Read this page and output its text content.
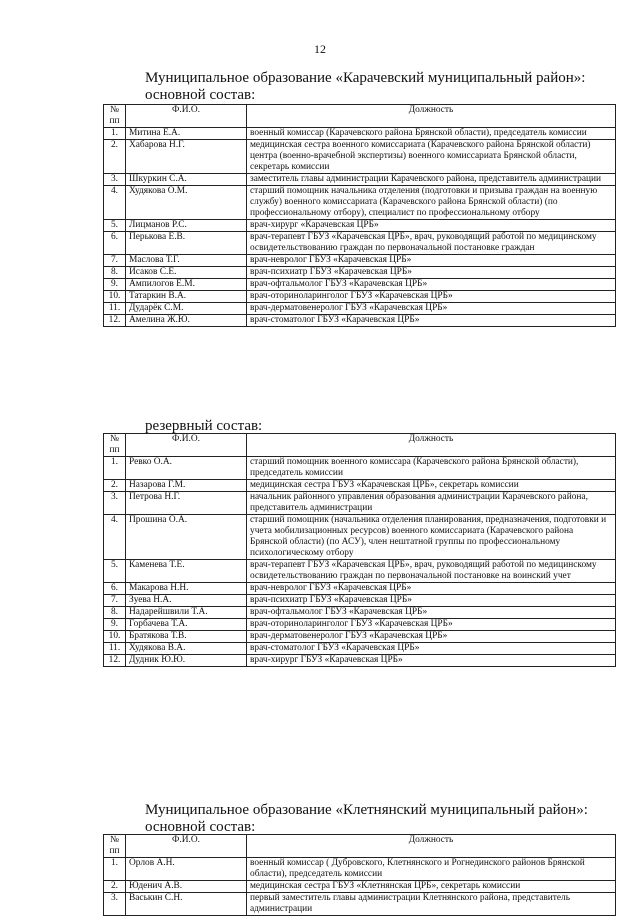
12
Муниципальное образование «Карачевский муниципальный район»:
основной состав:
№
пп	Ф.И.О.	Должность
1.	Митина Е.А.	военный комиссар (Карачевского района Брянской области), председатель комиссии
2.	Хабарова Н.Г.	медицинская сестра военного комиссариата (Карачевского района Брянской области) центра (военно-врачебной экспертизы) военного комиссариата Брянской области, секретарь комиссии
3.	Шкуркин С.А.	заместитель главы администрации Карачевского района, представитель администрации
4.	Худякова О.М.	старший помощник начальника отделения (подготовки и призыва граждан на военную службу) военного комиссариата (Карачевского района Брянской области) (по профессиональному отбору), специалист по профессиональному отбору
5.	Лицманов Р.С.	врач-хирург «Карачевская ЦРБ»
6.	Перькова Е.В.	врач-терапевт ГБУЗ «Карачевская ЦРБ», врач, руководящий работой по медицинскому освидетельствованию граждан по первоначальной постановке граждан
7.	Маслова Т.Г.	врач-невролог ГБУЗ «Карачевская ЦРБ»
8.	Исаков С.Е.	врач-психиатр ГБУЗ «Карачевская ЦРБ»
9.	Ампилогов Е.М.	врач-офтальмолог ГБУЗ «Карачевская ЦРБ»
10.	Татаркин В.А.	врач-оториноларинголог ГБУЗ «Карачевская ЦРБ»
11.	Дударёк С.М.	врач-дерматовенеролог ГБУЗ «Карачевская ЦРБ»
12.	Амелина Ж.Ю.	врач-стоматолог ГБУЗ «Карачевская ЦРБ»
резервный состав:
№
пп	Ф.И.О.	Должность
1.	Ревко О.А.	старший помощник военного комиссара (Карачевского района Брянской области), председатель комиссии
2.	Назарова Г.М.	медицинская сестра ГБУЗ «Карачевская ЦРБ», секретарь комиссии
3.	Петрова Н.Г.	начальник районного управления образования администрации Карачевского района, представитель администрации
4.	Прошина О.А.	старший помощник (начальника отделения планирования, предназначения, подготовки и учета мобилизационных ресурсов) военного комиссариата (Карачевского района Брянской области) (по АСУ), член нештатной группы по профессиональному психологическому отбору
5.	Каменева Т.Е.	врач-терапевт ГБУЗ «Карачевская ЦРБ», врач, руководящий работой по медицинскому освидетельствованию граждан по первоначальной постановке на воинский учет
6.	Макарова Н.Н.	врач-невролог ГБУЗ «Карачевская ЦРБ»
7.	Зуева Н.А.	врач-психиатр ГБУЗ «Карачевская ЦРБ»
8.	Надарейшвили Т.А.	врач-офтальмолог ГБУЗ «Карачевская ЦРБ»
9.	Горбачева Т.А.	врач-оториноларинголог ГБУЗ «Карачевская ЦРБ»
10.	Братякова Т.В.	врач-дерматовенеролог ГБУЗ «Карачевская ЦРБ»
11.	Худякова В.А.	врач-стоматолог ГБУЗ «Карачевская ЦРБ»
12.	Дудник Ю.Ю.	врач-хирург ГБУЗ «Карачевская ЦРБ»
Муниципальное образование «Клетнянский муниципальный район»:
основной состав:
№
пп	Ф.И.О.	Должность
1.	Орлов А.Н.	военный комиссар ( Дубровского, Клетнянского и Рогнединского районов Брянской области), председатель комиссии
2.	Юденич А.В.	медицинская сестра ГБУЗ «Клетнянская ЦРБ», секретарь комиссии
3.	Васькин С.Н.	первый заместитель главы администрации Клетнянского района, представитель администрации
